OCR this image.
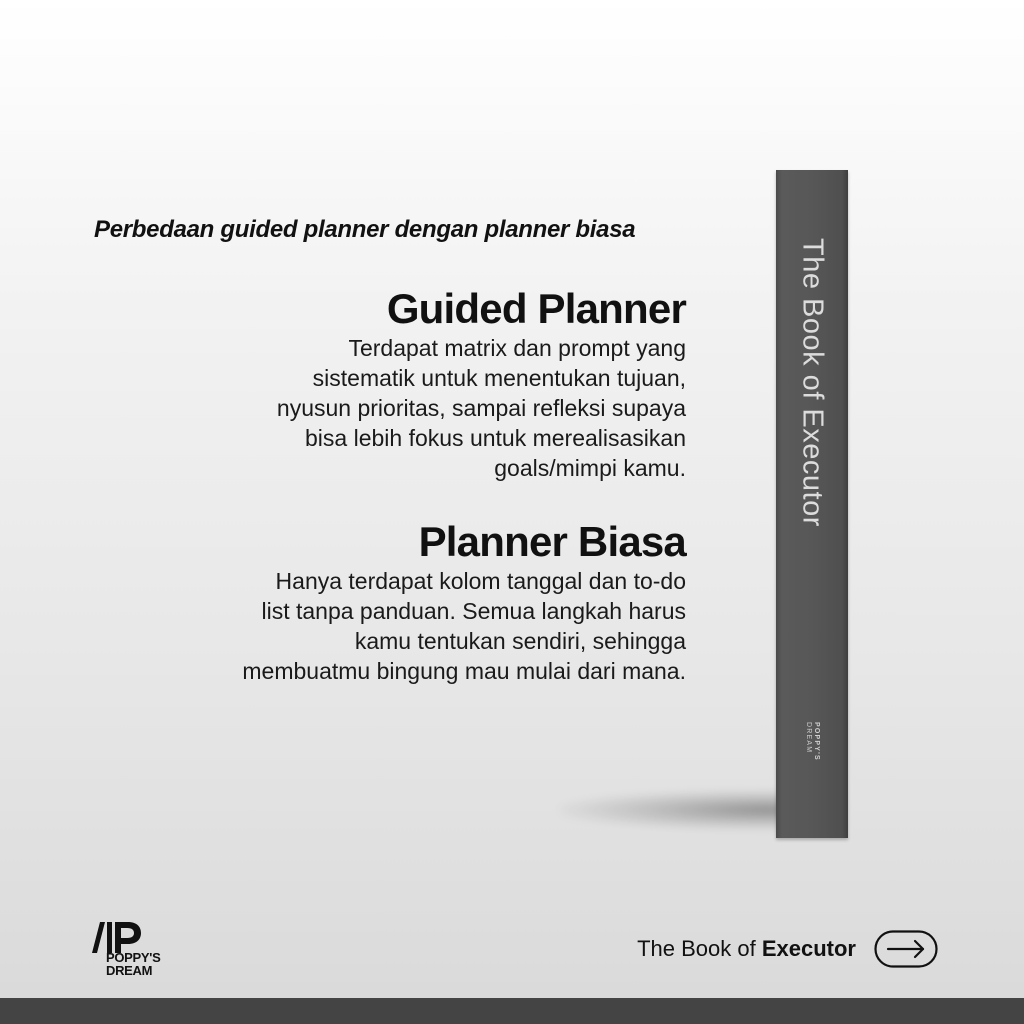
Perbedaan guided planner dengan planner biasa
Guided Planner

Terdapat matrix dan prompt yang
sistematik untuk menentukan tujuan,
nyusun prioritas, sampai refleksi supaya
bisa lebih fokus untuk merealisasikan
goals/mimpi kamu.

Planner Biasa

Hanya terdapat kolom tanggal dan to-do
list tanpa panduan. Semua langkah harus
kamu tentukan sendiri, sehingga
membuatmu bingung mau mulai dari mana.

The Book of Executor
POPPY'S
DREAM
POPPY'S
DREAM
The Book of Executor
